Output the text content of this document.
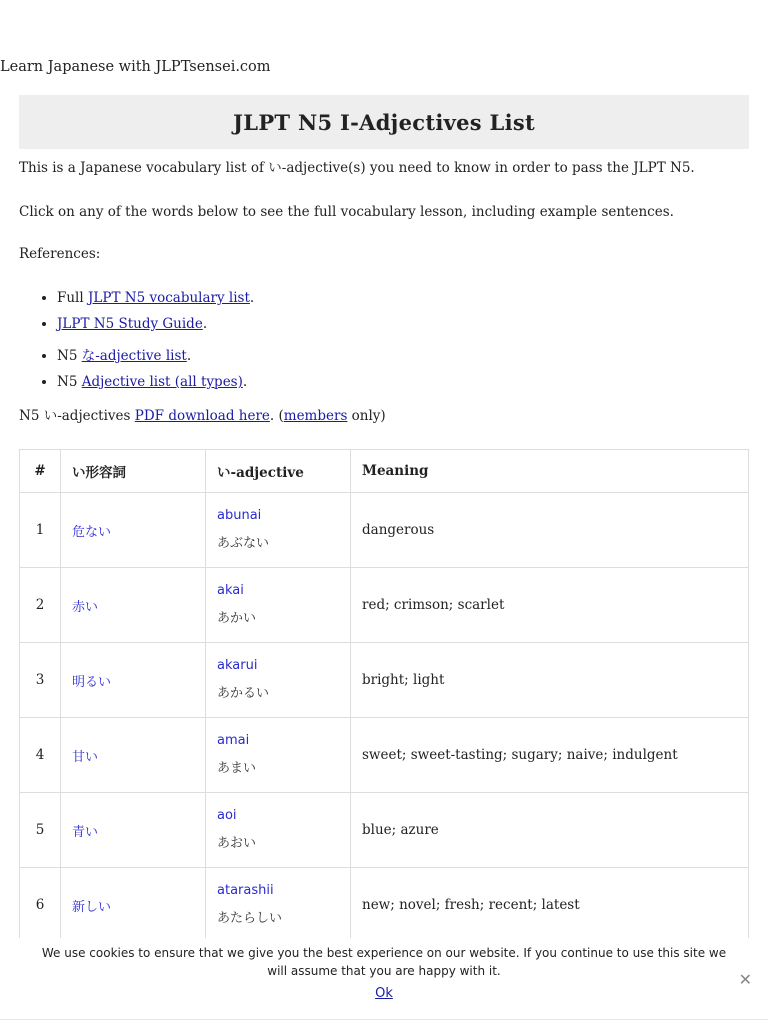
Learn Japanese with JLPTsensei.com
JLPT N5 I-Adjectives List

This is a Japanese vocabulary list of い-adjective(s) you need to know in order to pass the JLPT N5.

Click on any of the words below to see the full vocabulary lesson, including example sentences.

References:

• Full JLPT N5 vocabulary list.
• JLPT N5 Study Guide.
• N5 な-adjective list.
• N5 Adjective list (all types).

N5 い-adjectives PDF download here. (members only)

#	い形容詞	い-adjective	Meaning
1	危ない	abunai
あぶない	dangerous
2	赤い	akai
あかい	red; crimson; scarlet
3	明るい	akarui
あかるい	bright; light
4	甘い	amai
あまい	sweet; sweet-tasting; sugary; naive; indulgent
5	青い	aoi
あおい	blue; azure
6	新しい	atarashii
あたらしい	new; novel; fresh; recent; latest
We use cookies to ensure that we give you the best experience on our website. If you continue to use this site we will assume that you are happy with it.
Ok
✕
